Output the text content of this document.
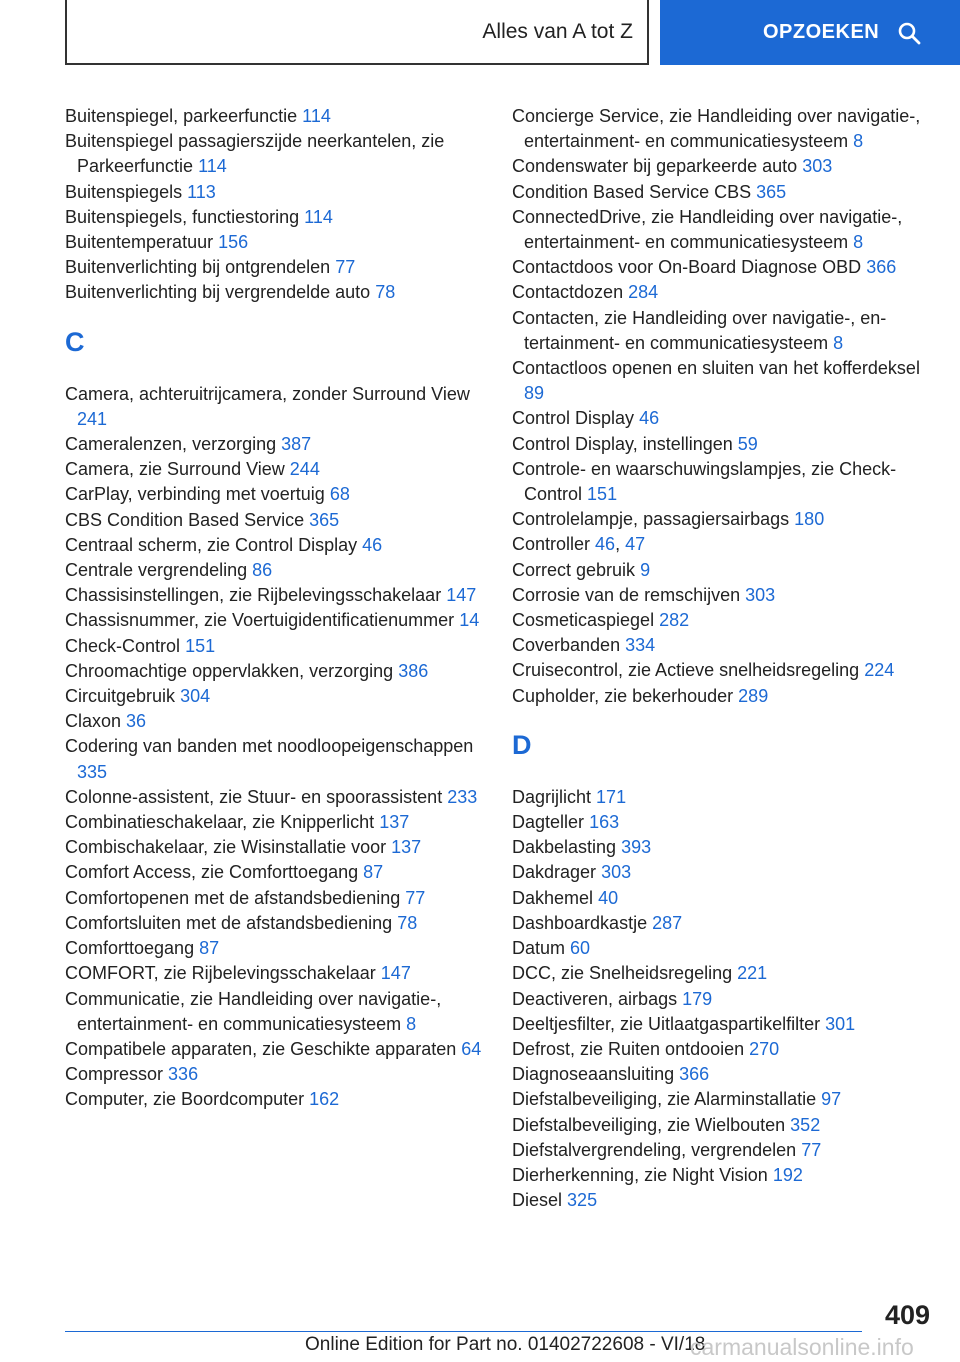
Alles van A tot Z	OPZOEKEN
Buitenspiegel, parkeerfunctie 114
Buitenspiegel passagierszijde neerkantelen, zie Parkeerfunctie 114
Buitenspiegels 113
Buitenspiegels, functiestoring 114
Buitentemperatuur 156
Buitenverlichting bij ontgrendelen 77
Buitenverlichting bij vergrendelde auto 78
C
Camera, achteruitrijcamera, zonder Surround View 241
Cameralenzen, verzorging 387
Camera, zie Surround View 244
CarPlay, verbinding met voertuig 68
CBS Condition Based Service 365
Centraal scherm, zie Control Display 46
Centrale vergrendeling 86
Chassisinstellingen, zie Rijbelevingsschakelaar 147
Chassisnummer, zie Voertuigidentificatienummer 14
Check-Control 151
Chroomachtige oppervlakken, verzorging 386
Circuitgebruik 304
Claxon 36
Codering van banden met noodloopeigenschappen 335
Colonne-assistent, zie Stuur- en spoorassistent 233
Combinatieschakelaar, zie Knipperlicht 137
Combischakelaar, zie Wisinstallatie voor 137
Comfort Access, zie Comforttoegang 87
Comfortopenen met de afstandsbediening 77
Comfortsluiten met de afstandsbediening 78
Comforttoegang 87
COMFORT, zie Rijbelevingsschakelaar 147
Communicatie, zie Handleiding over navigatie-, entertainment- en communicatiesysteem 8
Compatibele apparaten, zie Geschikte apparaten 64
Compressor 336
Computer, zie Boordcomputer 162
Concierge Service, zie Handleiding over navigatie-, entertainment- en communicatiesysteem 8
Condenswater bij geparkeerde auto 303
Condition Based Service CBS 365
ConnectedDrive, zie Handleiding over navigatie-, entertainment- en communicatiesysteem 8
Contactdoos voor On-Board Diagnose OBD 366
Contactdozen 284
Contacten, zie Handleiding over navigatie-, entertainment- en communicatiesysteem 8
Contactloos openen en sluiten van het kofferdeksel 89
Control Display 46
Control Display, instellingen 59
Controle- en waarschuwingslampjes, zie Check-Control 151
Controlelampje, passagiersairbags 180
Controller 46, 47
Correct gebruik 9
Corrosie van de remschijven 303
Cosmeticaspiegel 282
Coverbanden 334
Cruisecontrol, zie Actieve snelheidsregeling 224
Cupholder, zie bekerhouder 289
D
Dagrijlicht 171
Dagteller 163
Dakbelasting 393
Dakdrager 303
Dakhemel 40
Dashboardkastje 287
Datum 60
DCC, zie Snelheidsregeling 221
Deactiveren, airbags 179
Deeltjesfilter, zie Uitlaatgaspartikelfilter 301
Defrost, zie Ruiten ontdooien 270
Diagnoseaansluiting 366
Diefstalbeveiliging, zie Alarminstallatie 97
Diefstalbeveiliging, zie Wielbouten 352
Diefstalvergrendeling, vergrendelen 77
Dierherkenning, zie Night Vision 192
Diesel 325
409
Online Edition for Part no. 01402722608 - VI/18
carmanualsonline.info
